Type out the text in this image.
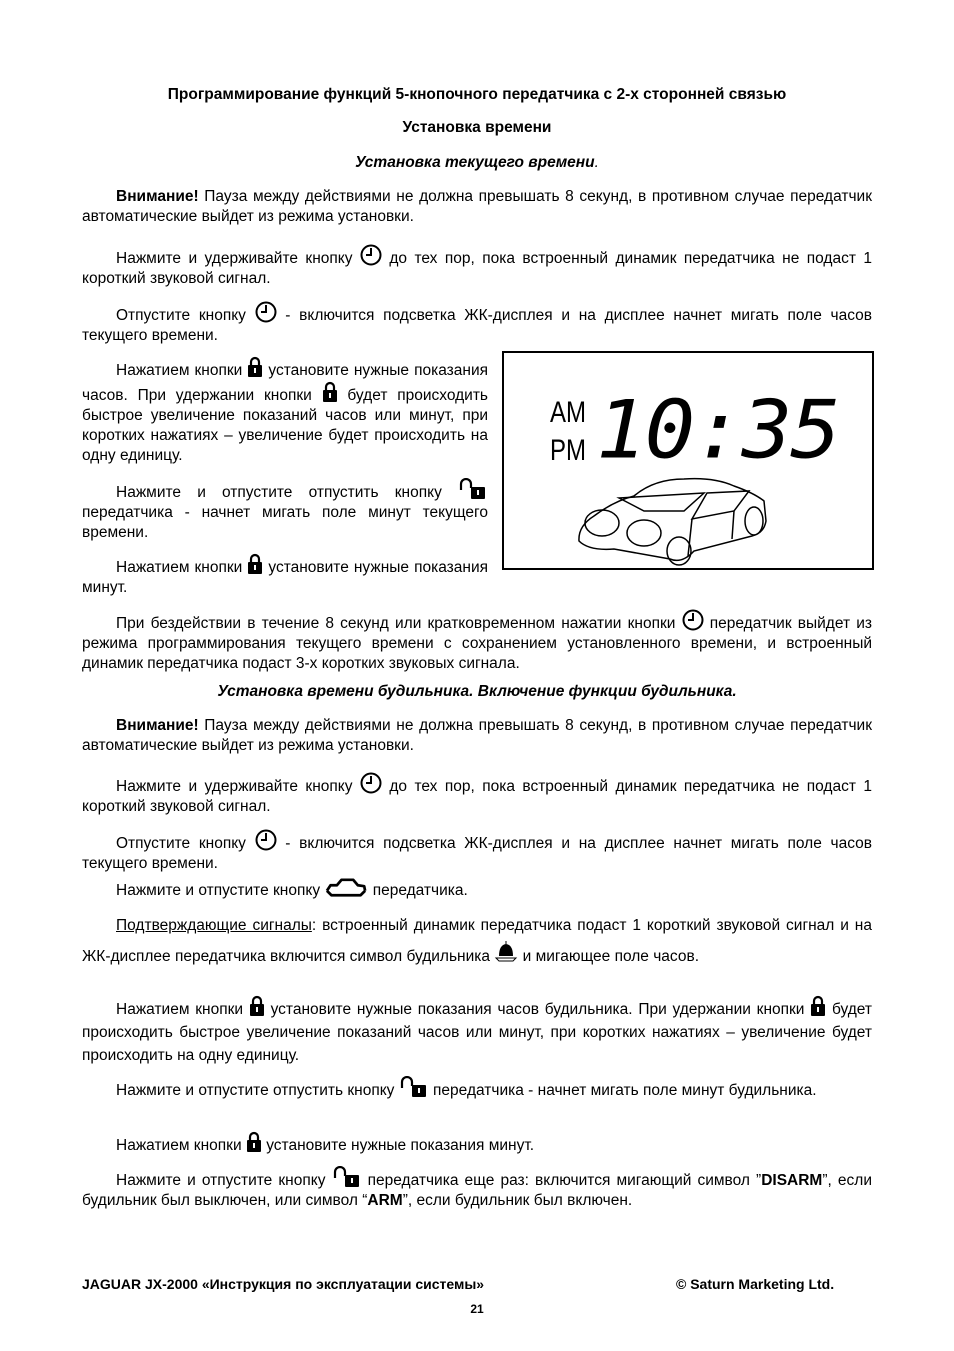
Программирование функций 5-кнопочного передатчика с 2-х сторонней связью
Установка времени
Установка текущего времени.
Внимание! Пауза между действиями не должна превышать 8 секунд, в противном случае передатчик автоматические выйдет из режима установки.
Нажмите и удерживайте кнопку
до тех пор, пока встроенный динамик передатчика не подаст 1 короткий звуковой сигнал.
Отпустите кнопку
- включится подсветка ЖК-дисплея и на дисплее начнет мигать поле часов текущего времени.
Нажатием кнопки
установите нужные показания часов. При удержании кнопки
будет происходить быстрое увеличение показаний часов или минут, при коротких нажатиях – увеличение будет происходить на одну единицу.
Нажмите и отпустите отпустить кнопку
передатчика - начнет мигать поле минут текущего времени.
Нажатием кнопки
установите нужные показания минут.
AM
PM 10:35
При бездействии в течение 8 секунд или кратковременном нажатии кнопки
передатчик выйдет из режима программирования текущего времени с сохранением установленного времени, и встроенный динамик передатчика подаст 3-х коротких звуковых сигнала.
Установка времени будильника. Включение функции будильника.
Внимание! Пауза между действиями не должна превышать 8 секунд, в противном случае передатчик автоматические выйдет из режима установки.
Нажмите и удерживайте кнопку
до тех пор, пока встроенный динамик передатчика не подаст 1 короткий звуковой сигнал.
Отпустите кнопку
- включится подсветка ЖК-дисплея и на дисплее начнет мигать поле часов текущего времени.
Нажмите и отпустите кнопку	передатчика.
Подтверждающие сигналы: встроенный динамик передатчика подаст 1 короткий звуковой сигнал и на ЖК-дисплее передатчика включится символ будильника
и мигающее поле часов.
Нажатием кнопки
установите нужные показания часов будильника. При удержании кнопки
будет происходить быстрое увеличение показаний часов или минут, при коротких нажатиях – увеличение будет происходить на одну единицу.
Нажмите и отпустите отпустить кнопку
передатчика - начнет мигать поле минут будильника.
Нажатием кнопки
установите нужные показания минут.
Нажмите и отпустите кнопку
передатчика еще раз: включится мигающий символ ”DISARM”, если будильник был выключен, или символ “ARM”, если будильник был включен.
JAGUAR JX-2000 «Инструкция по эксплуатации системы»	© Saturn Marketing Ltd.
21
